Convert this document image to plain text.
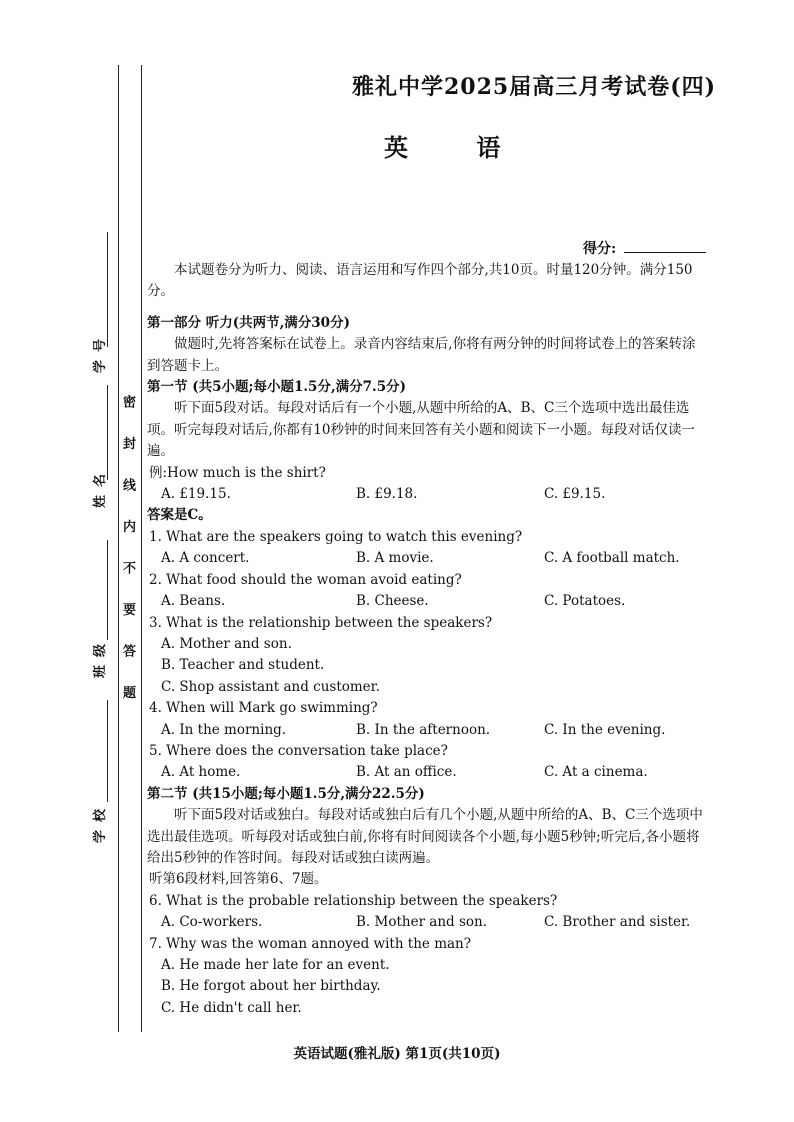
密 封 线 内 不 要 答 题
学号
姓名
班级
学校
雅礼中学2025届高三月考试卷(四)
英 语
得分:

本试题卷分为听力、阅读、语言运用和写作四个部分,共10页。时量120分钟。满分150分。

第一部分 听力(共两节,满分30分)

做题时,先将答案标在试卷上。录音内容结束后,你将有两分钟的时间将试卷上的答案转涂到答题卡上。

第一节 (共5小题;每小题1.5分,满分7.5分)

听下面5段对话。每段对话后有一个小题,从题中所给的A、B、C三个选项中选出最佳选项。听完每段对话后,你都有10秒钟的时间来回答有关小题和阅读下一小题。每段对话仅读一遍。

例:How much is the shirt?

A. £19.15.	B. £9.18.	C. £9.15.

答案是C。

1. What are the speakers going to watch this evening?

A. A concert.	B. A movie.	C. A football match.

2. What food should the woman avoid eating?

A. Beans.	B. Cheese.	C. Potatoes.

3. What is the relationship between the speakers?

A. Mother and son.

B. Teacher and student.

C. Shop assistant and customer.

4. When will Mark go swimming?

A. In the morning.	B. In the afternoon.	C. In the evening.

5. Where does the conversation take place?

A. At home.	B. At an office.	C. At a cinema.

第二节 (共15小题;每小题1.5分,满分22.5分)

听下面5段对话或独白。每段对话或独白后有几个小题,从题中所给的A、B、C三个选项中选出最佳选项。听每段对话或独白前,你将有时间阅读各个小题,每小题5秒钟;听完后,各小题将给出5秒钟的作答时间。每段对话或独白读两遍。

听第6段材料,回答第6、7题。

6. What is the probable relationship between the speakers?

A. Co-workers.	B. Mother and son.	C. Brother and sister.

7. Why was the woman annoyed with the man?

A. He made her late for an event.

B. He forgot about her birthday.

C. He didn't call her.

英语试题(雅礼版) 第1页(共10页)
